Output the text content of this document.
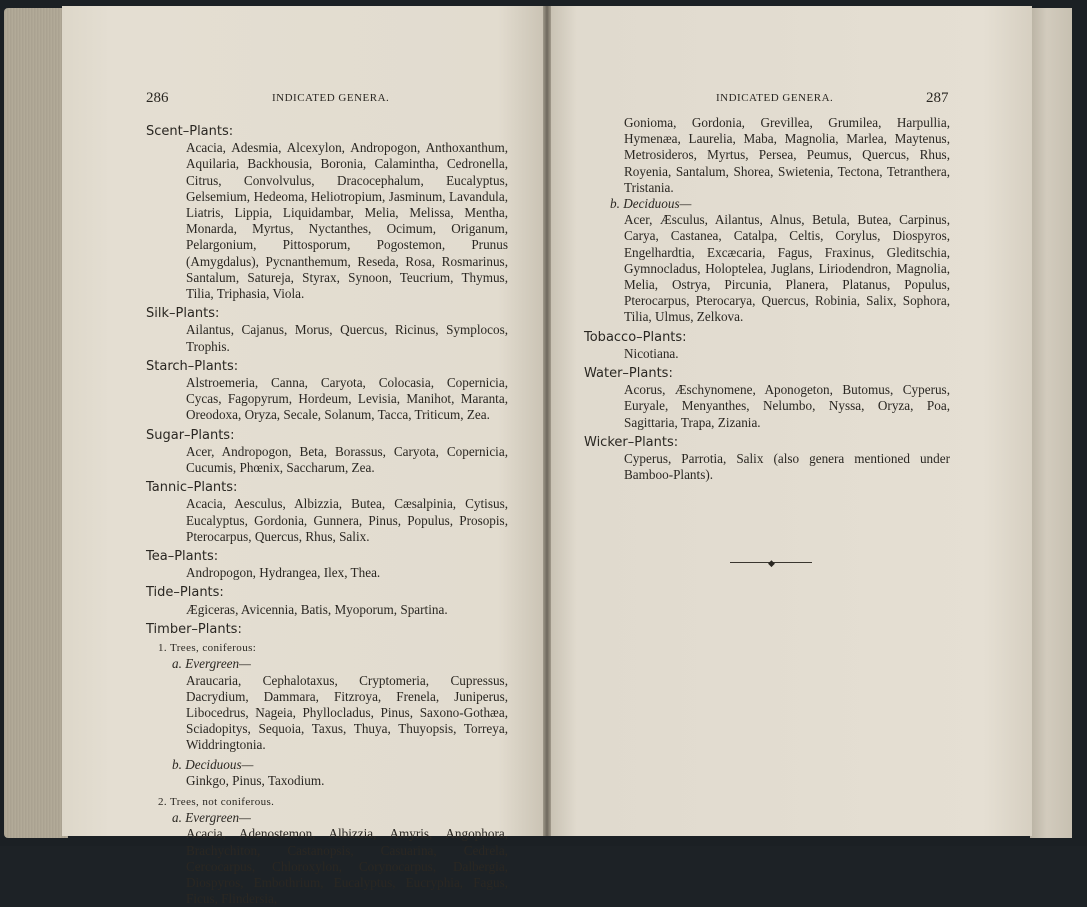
286	INDICATED GENERA.	INDICATED GENERA.	287
Scent–Plants:
Acacia, Adesmia, Alcexylon, Andropogon, Anthoxanthum, Aquilaria, Backhousia, Boronia, Calamintha, Cedronella, Citrus, Convolvulus, Dracocephalum, Eucalyptus, Gelsemium, Hedeoma, Heliotropium, Jasminum, Lavandula, Liatris, Lippia, Liquidambar, Melia, Melissa, Mentha, Monarda, Myrtus, Nyctanthes, Ocimum, Origanum, Pelargonium, Pittosporum, Pogostemon, Prunus (Amygdalus), Pycnanthemum, Reseda, Rosa, Rosmarinus, Santalum, Satureja, Styrax, Synoon, Teucrium, Thymus, Tilia, Triphasia, Viola.
Silk–Plants:
Ailantus, Cajanus, Morus, Quercus, Ricinus, Symplocos, Trophis.
Starch–Plants:
Alstroemeria, Canna, Caryota, Colocasia, Copernicia, Cycas, Fagopyrum, Hordeum, Levisia, Manihot, Maranta, Oreodoxa, Oryza, Secale, Solanum, Tacca, Triticum, Zea.
Sugar–Plants:
Acer, Andropogon, Beta, Borassus, Caryota, Copernicia, Cucumis, Phœnix, Saccharum, Zea.
Tannic–Plants:
Acacia, Aesculus, Albizzia, Butea, Cæsalpinia, Cytisus, Eucalyptus, Gordonia, Gunnera, Pinus, Populus, Prosopis, Pterocarpus, Quercus, Rhus, Salix.
Tea–Plants:
Andropogon, Hydrangea, Ilex, Thea.
Tide–Plants:
Ægiceras, Avicennia, Batis, Myoporum, Spartina.
Timber–Plants:
1. Trees, coniferous:
a. Evergreen—
Araucaria, Cephalotaxus, Cryptomeria, Cupressus, Dacrydium, Dammara, Fitzroya, Frenela, Juniperus, Libocedrus, Nageia, Phyllocladus, Pinus, Saxono-Gothæa, Sciadopitys, Sequoia, Taxus, Thuya, Thuyopsis, Torreya, Widdringtonia.
b. Deciduous—
Ginkgo, Pinus, Taxodium.
2. Trees, not coniferous.
a. Evergreen—
Acacia, Adenostemon, Albizzia, Amyris, Angophora, Brachychiton, Castanopsis, Casuarina, Cedrela, Cercocarpus, Chloroxylon, Corynocarpus, Dalbergia, Diospyros, Embothrium, Eucalyptus, Eucryphia, Fagus, Ficus, Flindersia,
Gonioma, Gordonia, Grevillea, Grumilea, Harpullia, Hymenæa, Laurelia, Maba, Magnolia, Marlea, Maytenus, Metrosideros, Myrtus, Persea, Peumus, Quercus, Rhus, Royenia, Santalum, Shorea, Swietenia, Tectona, Tetranthera, Tristania.
b. Deciduous—
Acer, Æsculus, Ailantus, Alnus, Betula, Butea, Carpinus, Carya, Castanea, Catalpa, Celtis, Corylus, Diospyros, Engelhardtia, Excæcaria, Fagus, Fraxinus, Gleditschia, Gymnocladus, Holoptelea, Juglans, Liriodendron, Magnolia, Melia, Ostrya, Pircunia, Planera, Platanus, Populus, Pterocarpus, Pterocarya, Quercus, Robinia, Salix, Sophora, Tilia, Ulmus, Zelkova.
Tobacco–Plants:
Nicotiana.
Water–Plants:
Acorus, Æschynomene, Aponogeton, Butomus, Cyperus, Euryale, Menyanthes, Nelumbo, Nyssa, Oryza, Poa, Sagittaria, Trapa, Zizania.
Wicker–Plants:
Cyperus, Parrotia, Salix (also genera mentioned under Bamboo-Plants).
◆
